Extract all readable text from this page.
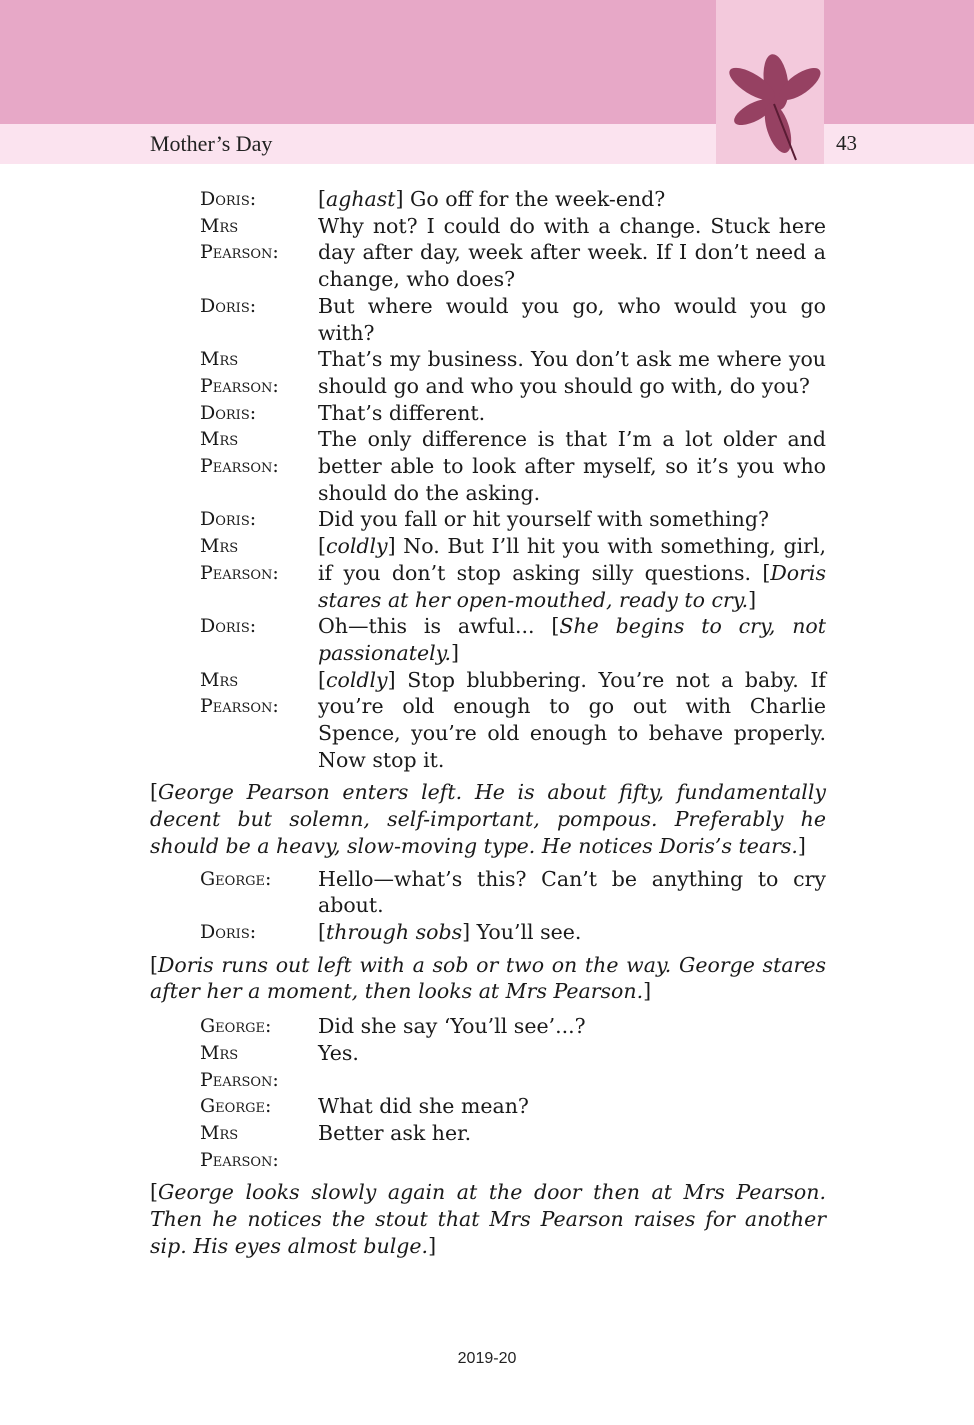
Mother’s Day	43
Doris:	[aghast] Go off for the week-end?
Mrs Pearson:
Why not? I could do with a change. Stuck here day after day, week after week. If I don’t need a change, who does?
Doris:	But where would you go, who would you go with?
Mrs Pearson:
That’s my business. You don’t ask me where you should go and who you should go with, do you?
Doris:	That’s different.
Mrs Pearson:
The only difference is that I’m a lot older and better able to look after myself, so it’s you who should do the asking.
Doris:	Did you fall or hit yourself with something?
Mrs Pearson:
[coldly] No. But I’ll hit you with something, girl, if you don’t stop asking silly questions. [Doris stares at her open-mouthed, ready to cry.]
Doris:	Oh—this is awful... [She begins to cry, not passionately.]
Mrs Pearson:
[coldly] Stop blubbering. You’re not a baby. If you’re old enough to go out with Charlie Spence, you’re old enough to behave properly. Now stop it.
[George Pearson enters left. He is about fifty, fundamentally decent but solemn, self-important, pompous. Preferably he should be a heavy, slow-moving type. He notices Doris’s tears.]
George:	Hello—what’s this? Can’t be anything to cry about.
Doris:	[through sobs] You’ll see.
[Doris runs out left with a sob or two on the way. George stares after her a moment, then looks at Mrs Pearson.]
George:	Did she say ‘You’ll see’...?
Mrs Pearson:
Yes.
George:	What did she mean?
Mrs Pearson:
Better ask her.
[George looks slowly again at the door then at Mrs Pearson. Then he notices the stout that Mrs Pearson raises for another sip. His eyes almost bulge.]
2019-20
